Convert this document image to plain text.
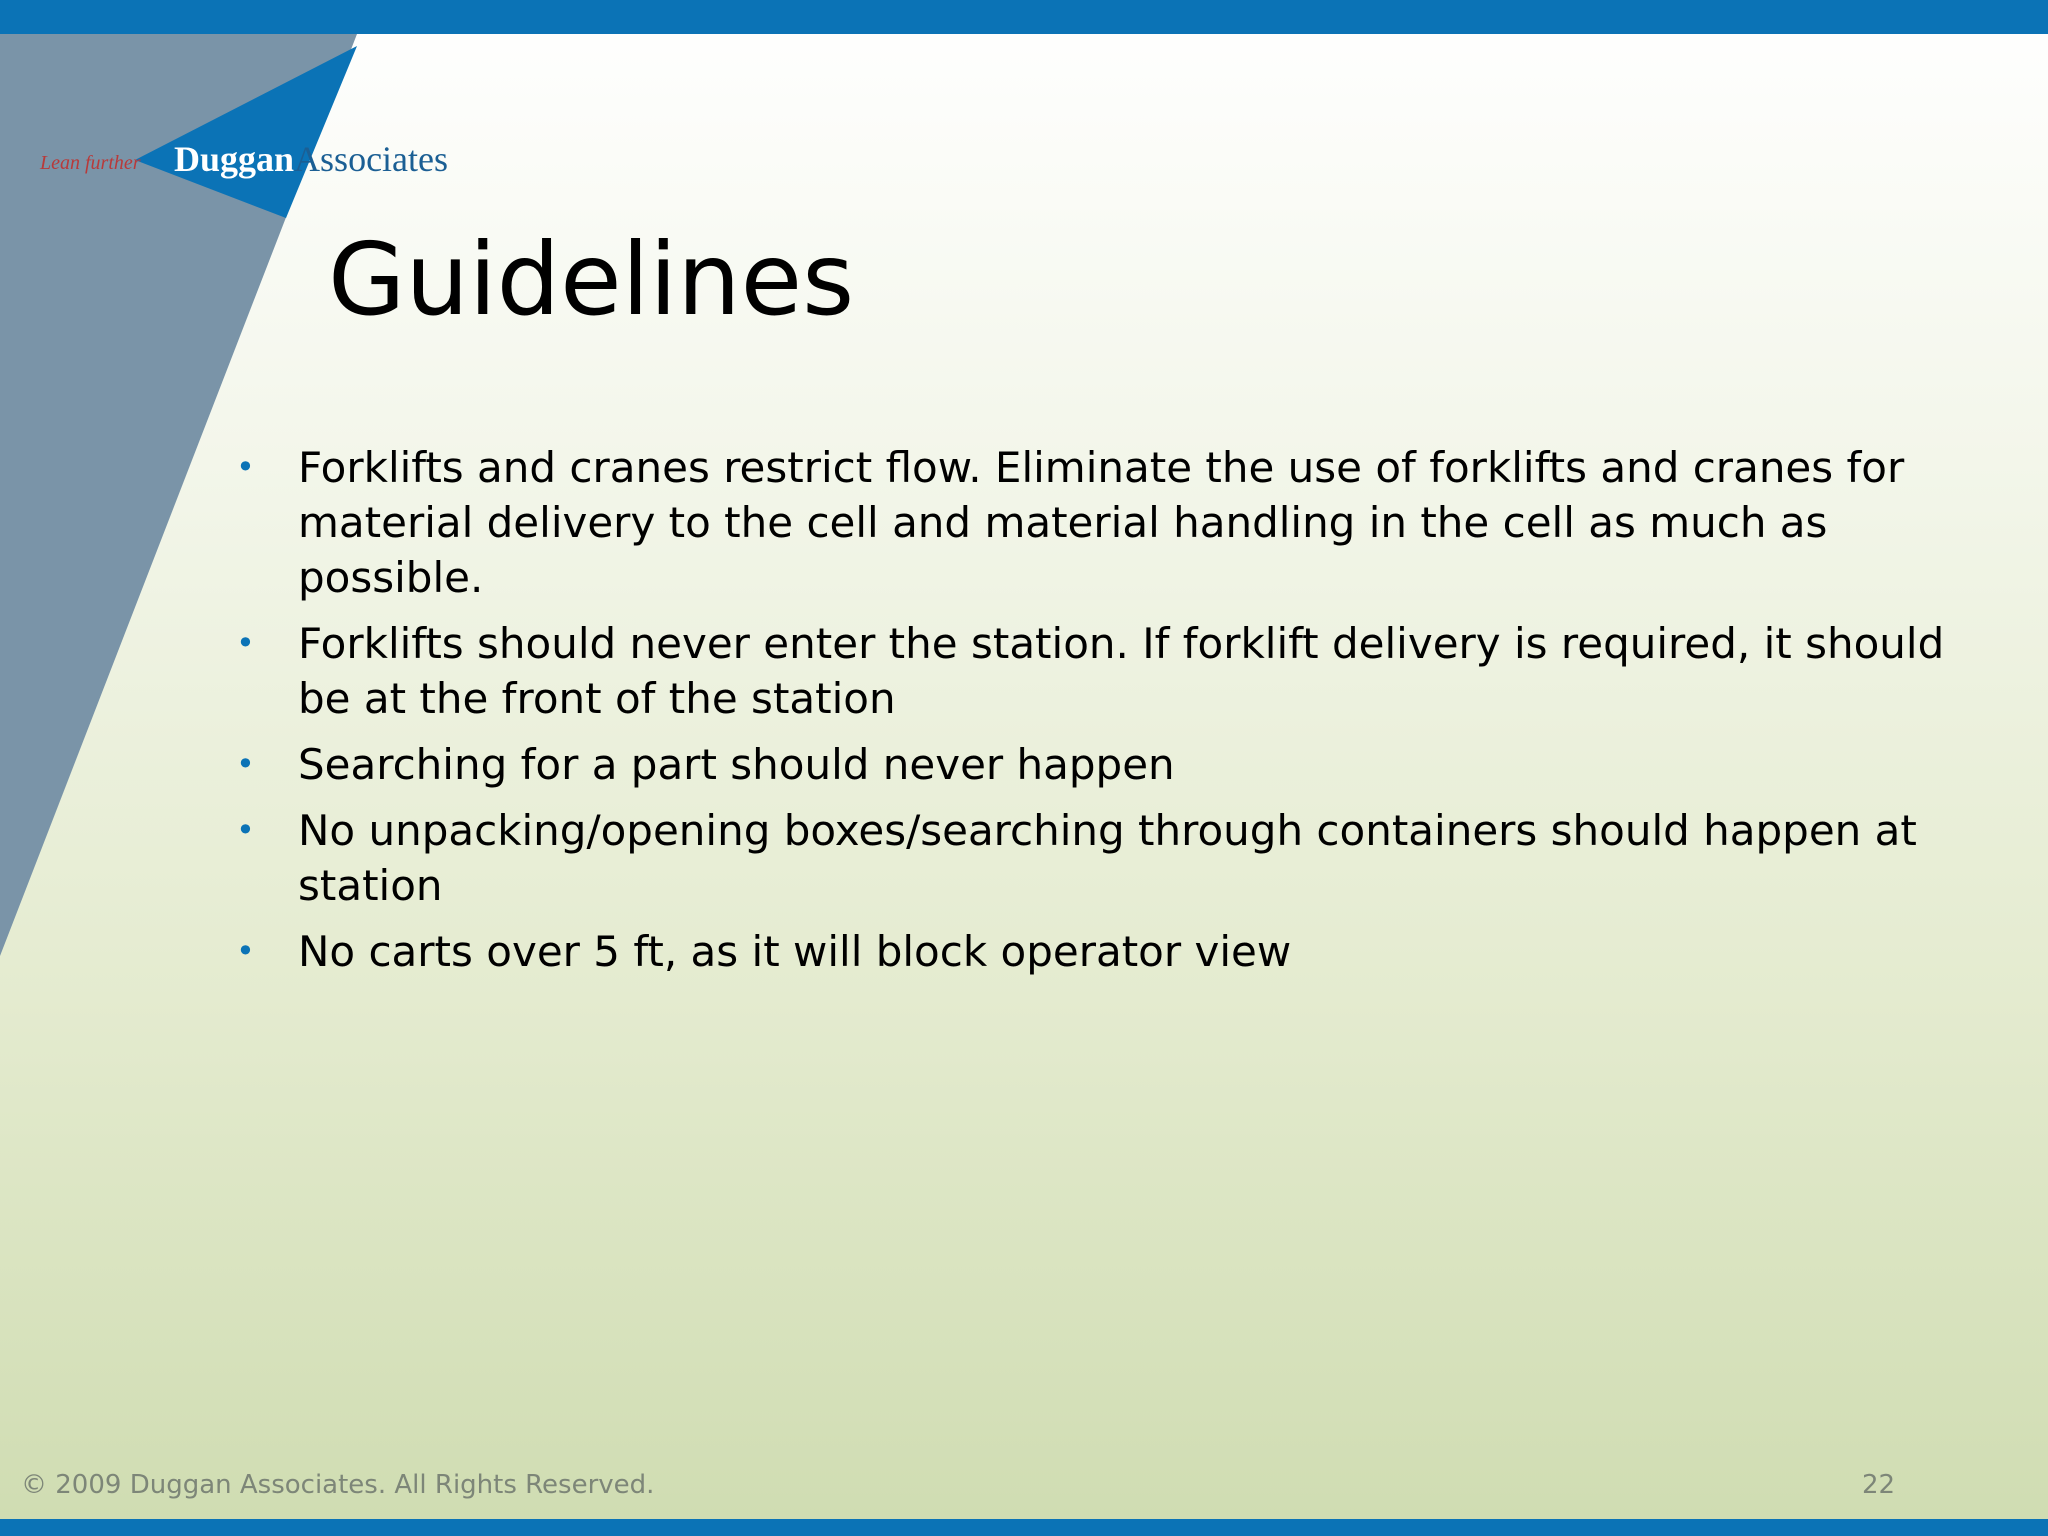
Lean further DugganAssociates
Guidelines
• Forklifts and cranes restrict flow. Eliminate the use of forklifts and cranes for material delivery to the cell and material handling in the cell as much as possible.
• Forklifts should never enter the station. If forklift delivery is required, it should be at the front of the station
• Searching for a part should never happen
• No unpacking/opening boxes/searching through containers should happen at station
• No carts over 5 ft, as it will block operator view
© 2009 Duggan Associates. All Rights Reserved.	22
